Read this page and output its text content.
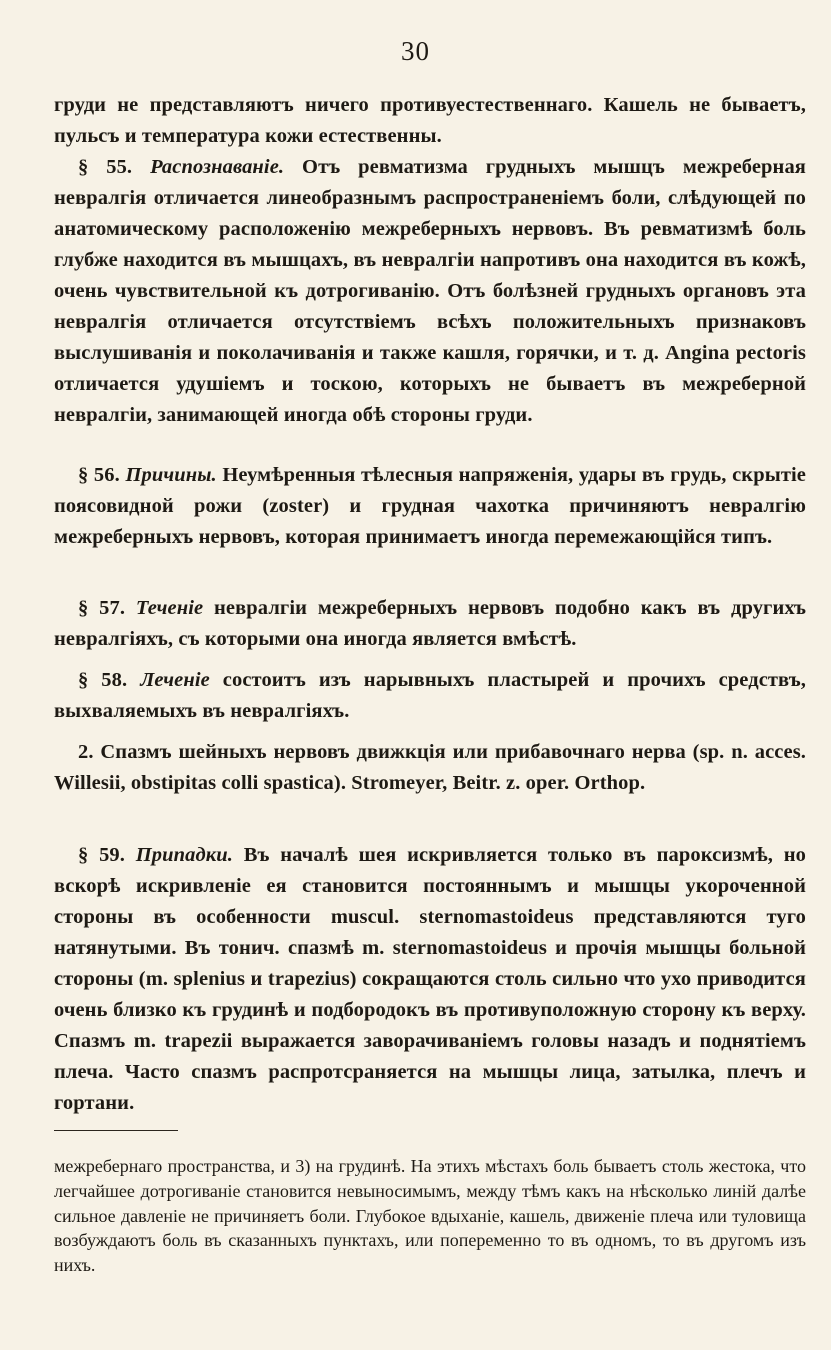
30

груди не представляютъ ничего противуестественнаго. Кашель не бываетъ, пульсъ и температура кожи естественны.

§ 55. Распознаванiе. Отъ ревматизма грудныхъ мышцъ межреберная невралгiя отличается линеобразнымъ распространенiемъ боли, слѣдующей по анатомическому расположенiю межреберныхъ нервовъ. Въ ревматизмѣ боль глубже находится въ мышцахъ, въ невралгiи напротивъ она находится въ кожѣ, очень чувствительной къ дотрогиванiю. Отъ болѣзней грудныхъ органовъ эта невралгiя отличается отсутствiемъ всѣхъ положительныхъ признаковъ выслушиванiя и поколачиванiя и также кашля, горячки, и т. д. Angina pectoris отличается удушiемъ и тоскою, которыхъ не бываетъ въ межреберной невралгiи, занимающей иногда обѣ стороны груди.

§ 56. Причины. Неумѣренныя тѣлесныя напряженiя, удары въ грудь, скрытiе поясовидной рожи (zoster) и грудная чахотка причиняютъ невралгiю межреберныхъ нервовъ, которая принимаетъ иногда перемежающiйся типъ.

§ 57. Теченiе невралгiи межреберныхъ нервовъ подобно какъ въ другихъ невралгiяхъ, съ которыми она иногда является вмѣстѣ.

§ 58. Леченiе состоитъ изъ нарывныхъ пластырей и прочихъ средствъ, выхваляемыхъ въ невралгiяхъ.

2. Спазмъ шейныхъ нервовъ движкцiя или прибавочнаго нерва (sp. n. acces. Willesii, obstipitas colli spastica). Stromeyer, Beitr. z. oper. Orthop.

§ 59. Припадки. Въ началѣ шея искривляется только въ пароксизмѣ, но вскорѣ искривленiе ея становится постояннымъ и мышцы укороченной стороны въ особенности muscul. sternomastoideus представляются туго натянутыми. Въ тонич. спазмѣ m. sternomastoideus и прочiя мышцы больной стороны (m. splenius и trapezius) сокращаются столь сильно что ухо приводится очень близко къ грудинѣ и подбородокъ въ противуположную сторону къ верху. Спазмъ m. trapezii выражается заворачиванiемъ головы назадъ и поднятiемъ плеча. Часто спазмъ распротсраняется на мышцы лица, затылка, плечъ и гортани.

межребернаго пространства, и 3) на грудинѣ. На этихъ мѣстахъ боль бываетъ столь жестока, что легчайшее дотрогиванiе становится невыносимымъ, между тѣмъ какъ на нѣсколько линiй далѣе сильное давленiе не причиняетъ боли. Глубокое вдыханiе, кашель, движенiе плеча или туловища возбуждаютъ боль въ сказанныхъ пунктахъ, или попеременно то въ одномъ, то въ другомъ изъ нихъ.
